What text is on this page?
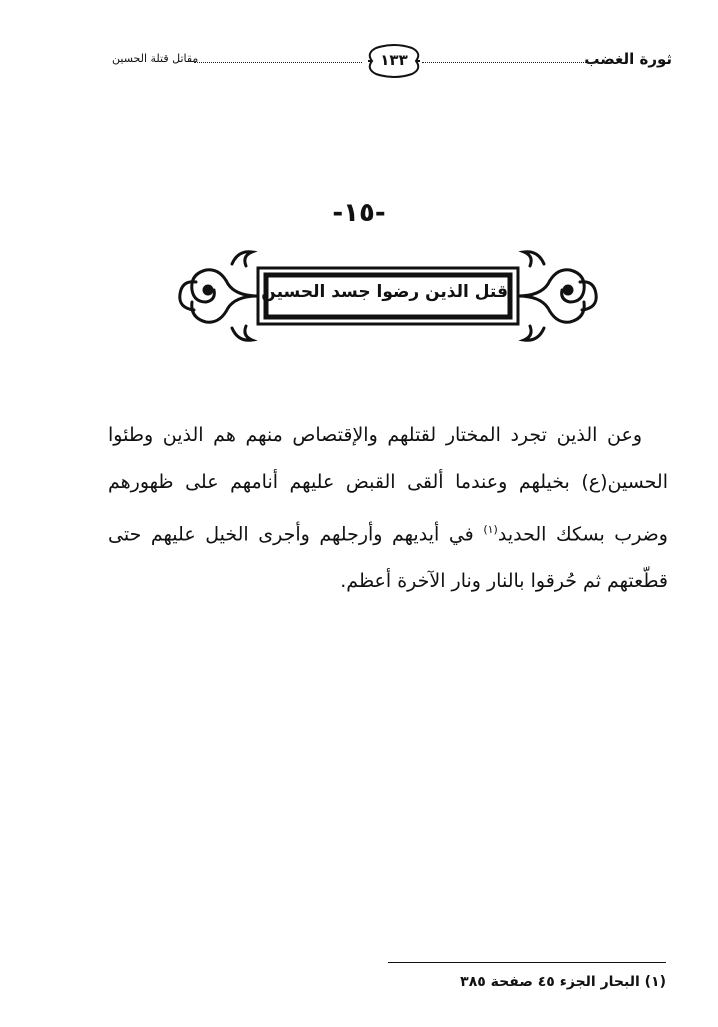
ثورة الغضب
١٣٣
مقاتل قتلة الحسين
-١٥-
قتل الذين رضوا جسد الحسين

وعن الذين تجرد المختار لقتلهم والإقتصاص منهم هم الذين وطئوا الحسين(ع) بخيلهم وعندما ألقى القبض عليهم أنامهم على ظهورهم وضرب بسكك الحديد$^{(١)}$ في أيديهم وأرجلهم وأجرى الخيل عليهم حتى قطّعتهم ثم حُرقوا بالنار ونار الآخرة أعظم.

(١) البحار الجزء ٤٥ صفحة ٣٨٥
